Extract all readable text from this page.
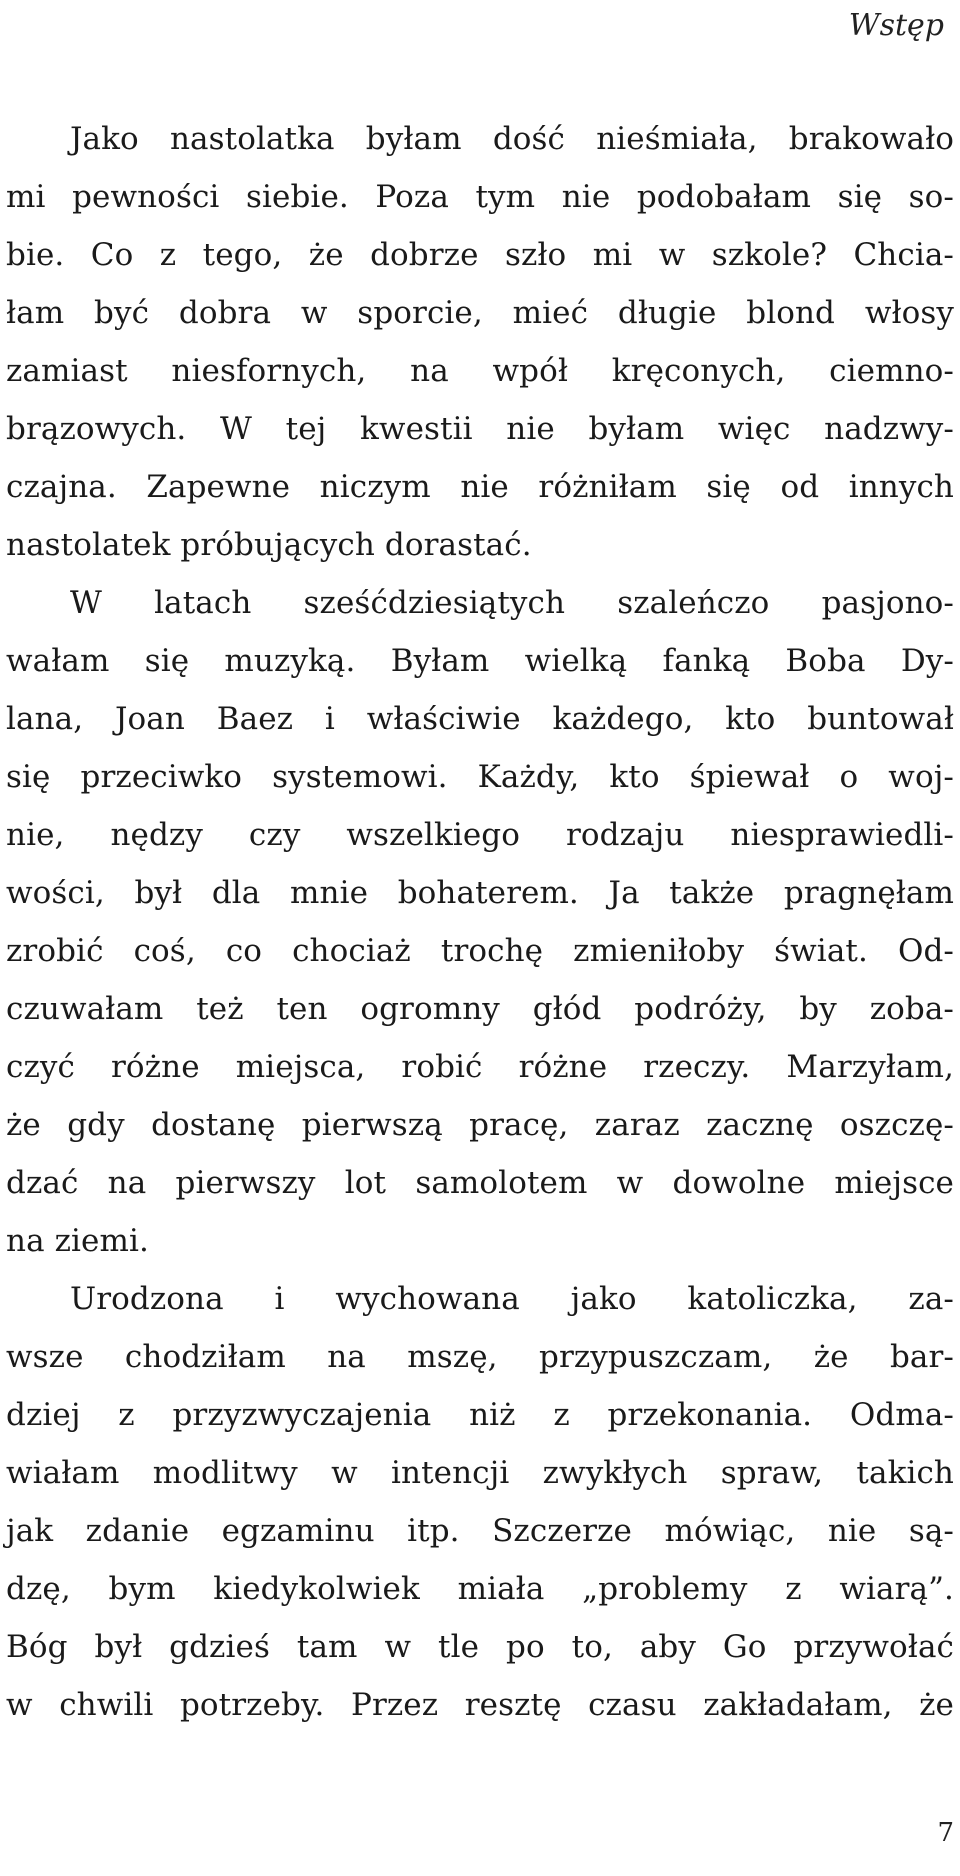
Wstęp
Jako nastolatka byłam dość nieśmiała, brakowało
mi pewności siebie. Poza tym nie podobałam się so-
bie. Co z tego, że dobrze szło mi w szkole? Chcia-
łam być dobra w sporcie, mieć długie blond włosy
zamiast niesfornych, na wpół kręconych, ciemno-
brązowych. W tej kwestii nie byłam więc nadzwy-
czajna. Zapewne niczym nie różniłam się od innych
nastolatek próbujących dorastać.
W latach sześćdziesiątych szaleńczo pasjono-
wałam się muzyką. Byłam wielką fanką Boba Dy-
lana, Joan Baez i właściwie każdego, kto buntował
się przeciwko systemowi. Każdy, kto śpiewał o woj-
nie, nędzy czy wszelkiego rodzaju niesprawiedli-
wości, był dla mnie bohaterem. Ja także pragnęłam
zrobić coś, co chociaż trochę zmieniłoby świat. Od-
czuwałam też ten ogromny głód podróży, by zoba-
czyć różne miejsca, robić różne rzeczy. Marzyłam,
że gdy dostanę pierwszą pracę, zaraz zacznę oszczę-
dzać na pierwszy lot samolotem w dowolne miejsce
na ziemi.
Urodzona i wychowana jako katoliczka, za-
wsze chodziłam na mszę, przypuszczam, że bar-
dziej z przyzwyczajenia niż z przekonania. Odma-
wiałam modlitwy w intencji zwykłych spraw, takich
jak zdanie egzaminu itp. Szczerze mówiąc, nie są-
dzę, bym kiedykolwiek miała „problemy z wiarą”.
Bóg był gdzieś tam w tle po to, aby Go przywołać
w chwili potrzeby. Przez resztę czasu zakładałam, że
7
